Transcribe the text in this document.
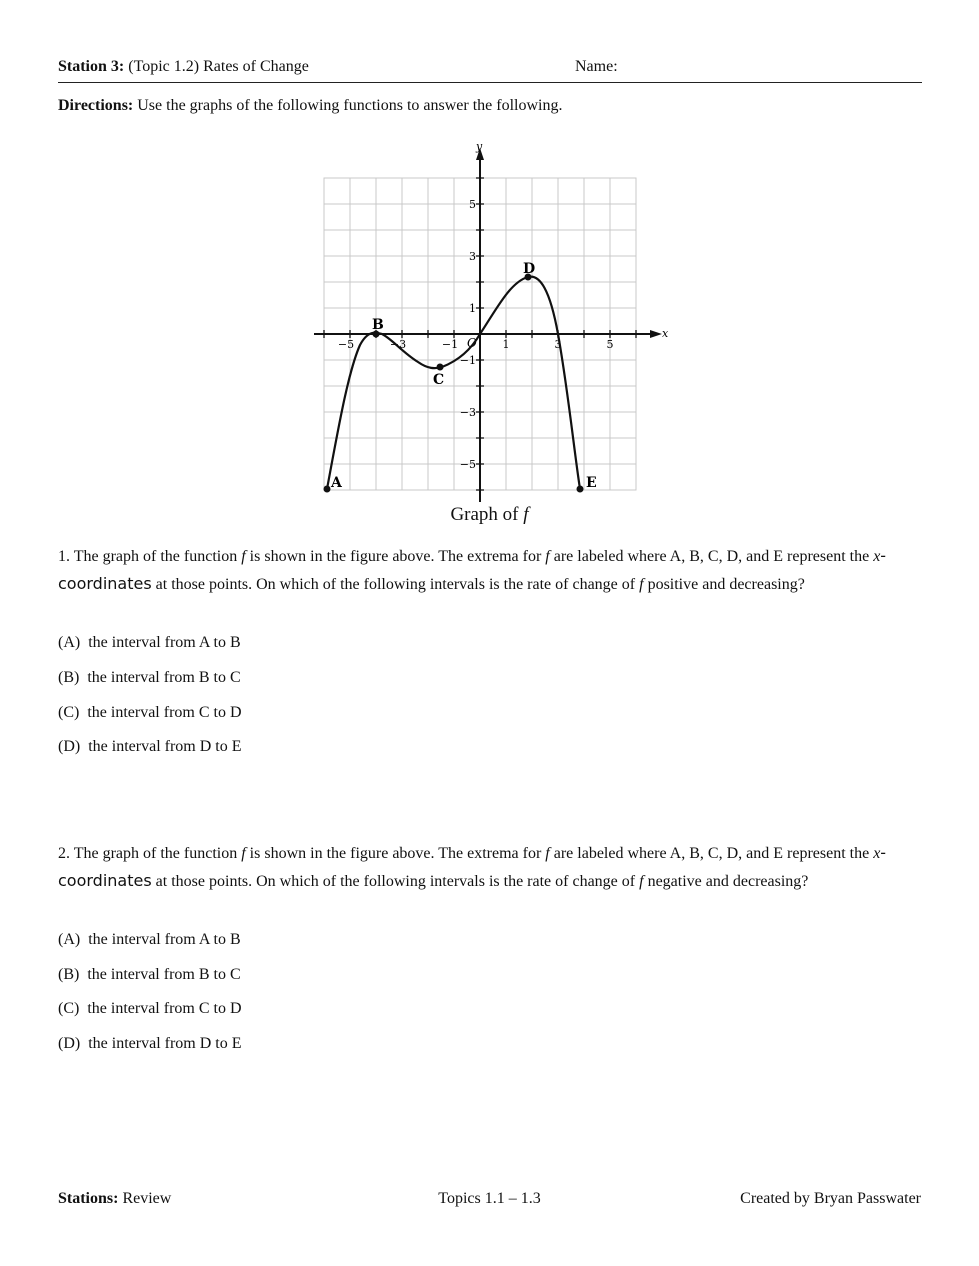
Station 3: (Topic 1.2) Rates of Change	Name:
Directions: Use the graphs of the following functions to answer the following.
x
y
O
−5	−3	−1	1	3	5
5
3
1
−1
−3
−5
A
B
C
D
E
Graph of f
1. The graph of the function f is shown in the figure above. The extrema for f are labeled where A, B, C, D, and E represent the x-coordinates at those points. On which of the following intervals is the rate of change of f positive and decreasing?
(A) the interval from A to B
(B) the interval from B to C
(C) the interval from C to D
(D) the interval from D to E
2. The graph of the function f is shown in the figure above. The extrema for f are labeled where A, B, C, D, and E represent the x-coordinates at those points. On which of the following intervals is the rate of change of f negative and decreasing?
(A) the interval from A to B
(B) the interval from B to C
(C) the interval from C to D
(D) the interval from D to E
Stations: Review	Topics 1.1 – 1.3	Created by Bryan Passwater
